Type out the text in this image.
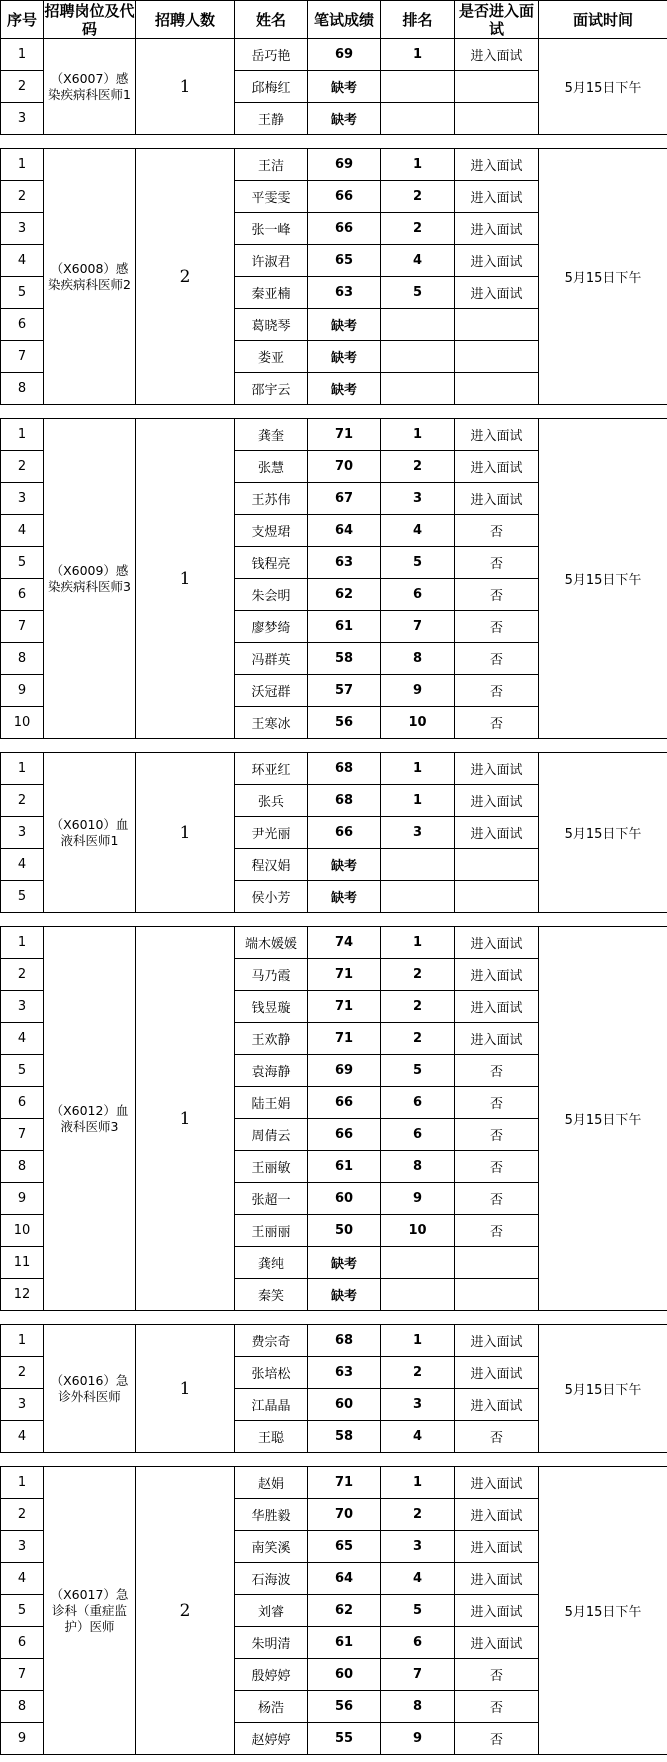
序号	招聘岗位及代码	招聘人数	姓名	笔试成绩	排名	是否进入面试	面试时间
1	（X6007）感染疾病科医师1	1	岳巧艳	69	1	进入面试	5月15日下午
2			邱梅红	缺考			
3			王静	缺考			

1	（X6008）感染疾病科医师2	2	王洁	69	1	进入面试	5月15日下午
2			平雯雯	66	2	进入面试	
3			张一峰	66	2	进入面试	
4			许淑君	65	4	进入面试	
5			秦亚楠	63	5	进入面试	
6			葛晓琴	缺考			
7			娄亚	缺考			
8			邵宇云	缺考			

1	（X6009）感染疾病科医师3	1	龚奎	71	1	进入面试	5月15日下午
2			张慧	70	2	进入面试	
3			王苏伟	67	3	进入面试	
4			支煜珺	64	4	否	
5			钱程亮	63	5	否	
6			朱会明	62	6	否	
7			廖梦绮	61	7	否	
8			冯群英	58	8	否	
9			沃冠群	57	9	否	
10			王寒冰	56	10	否	

1	（X6010）血液科医师1	1	环亚红	68	1	进入面试	5月15日下午
2			张兵	68	1	进入面试	
3			尹光丽	66	3	进入面试	
4			程汉娟	缺考			
5			侯小芳	缺考			

1	（X6012）血液科医师3	1	端木媛媛	74	1	进入面试	5月15日下午
2			马乃霞	71	2	进入面试	
3			钱昱璇	71	2	进入面试	
4			王欢静	71	2	进入面试	
5			袁海静	69	5	否	
6			陆王娟	66	6	否	
7			周倩云	66	6	否	
8			王丽敏	61	8	否	
9			张超一	60	9	否	
10			王丽丽	50	10	否	
11			龚纯	缺考			
12			秦笑	缺考			

1	（X6016）急诊外科医师	1	费宗奇	68	1	进入面试	5月15日下午
2			张培松	63	2	进入面试	
3			江晶晶	60	3	进入面试	
4			王聪	58	4	否	

1	（X6017）急诊科（重症监护）医师	2	赵娟	71	1	进入面试	5月15日下午
2			华胜毅	70	2	进入面试	
3			南笑溪	65	3	进入面试	
4			石海波	64	4	进入面试	
5			刘睿	62	5	进入面试	
6			朱明清	61	6	进入面试	
7			殷婷婷	60	7	否	
8			杨浩	56	8	否	
9			赵婷婷	55	9	否	
